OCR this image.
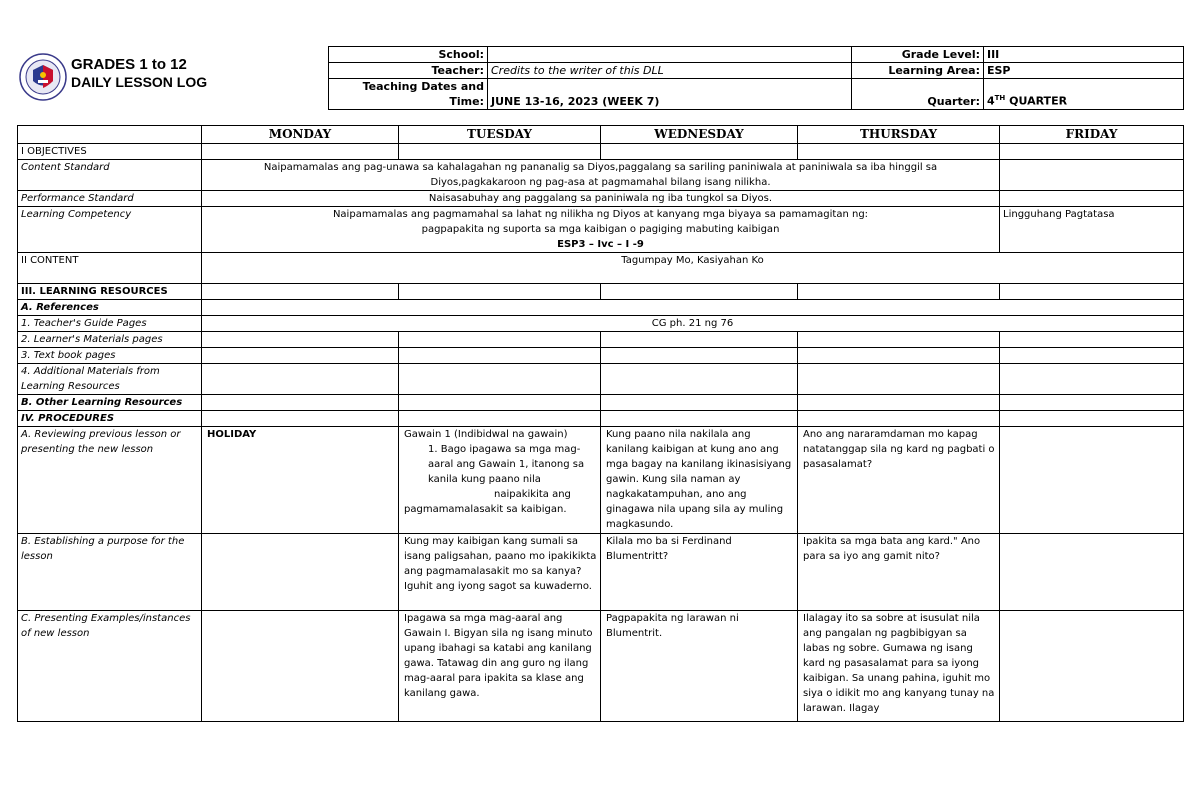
GRADES 1 to 12
DAILY LESSON LOG
School:		Grade Level:	III
Teacher:	Credits to the writer of this DLL	Learning Area:	ESP

Teaching Dates and
Time:	JUNE 13-16, 2023 (WEEK 7)	Quarter:	4TH QUARTER
	MONDAY	TUESDAY	WEDNESDAY	THURSDAY	FRIDAY
I OBJECTIVES					
Content Standard	Naipamamalas ang pag-unawa sa kahalagahan ng pananalig sa Diyos,paggalang sa sariling paniniwala at paniniwala sa iba hinggil sa Diyos,pagkakaroon ng pag-asa at pagmamahal bilang isang nilikha.				
Performance Standard	Naisasabuhay ang paggalang sa paniniwala ng iba tungkol sa Diyos.				
Learning Competency	Naipamamalas ang pagmamahal sa lahat ng nilikha ng Diyos at kanyang mga biyaya sa pamamagitan ng:
pagpapakita ng suporta sa mga kaibigan o pagiging mabuting kaibigan
ESP3 – Ivc – I -9				Lingguhang Pagtatasa
II CONTENT	Tagumpay Mo, Kasiyahan Ko				
III. LEARNING RESOURCES					
A. References					
1. Teacher's Guide Pages	CG ph. 21 ng 76				
2. Learner's Materials pages					
3. Text book pages					
4. Additional Materials from Learning Resources					
B. Other Learning Resources					
IV. PROCEDURES					
A. Reviewing previous lesson or presenting the new lesson	HOLIDAY	Gawain 1 (Indibidwal na gawain)
1. Bago ipagawa sa mga mag-aaral ang Gawain 1, itanong sa kanila kung paano nila
naipakikita ang
pagmamamalasakit sa kaibigan.	Kung paano nila nakilala ang kanilang kaibigan at kung ano ang mga bagay na kanilang ikinasisiyang gawin. Kung sila naman ay nagkakatampuhan, ano ang ginagawa nila upang sila ay muling magkasundo.	Ano ang nararamdaman mo kapag natatanggap sila ng kard ng pagbati o pasasalamat?	
B. Establishing a purpose for the lesson		Kung may kaibigan kang sumali sa isang paligsahan, paano mo ipakikikta ang pagmamalasakit mo sa kanya? Iguhit ang iyong sagot sa kuwaderno.	Kilala mo ba si Ferdinand Blumentritt?	Ipakita sa mga bata ang kard." Ano para sa iyo ang gamit nito?	
C. Presenting Examples/instances of new lesson		Ipagawa sa mga mag-aaral ang Gawain I. Bigyan sila ng isang minuto upang ibahagi sa katabi ang kanilang gawa. Tatawag din ang guro ng ilang mag-aaral para ipakita sa klase ang kanilang gawa.	Pagpapakita ng larawan ni Blumentrit.	Ilalagay ito sa sobre at isusulat nila ang pangalan ng pagbibigyan sa labas ng sobre. Gumawa ng isang kard ng pasasalamat para sa iyong kaibigan. Sa unang pahina, iguhit mo siya o idikit mo ang kanyang tunay na larawan. Ilagay	
